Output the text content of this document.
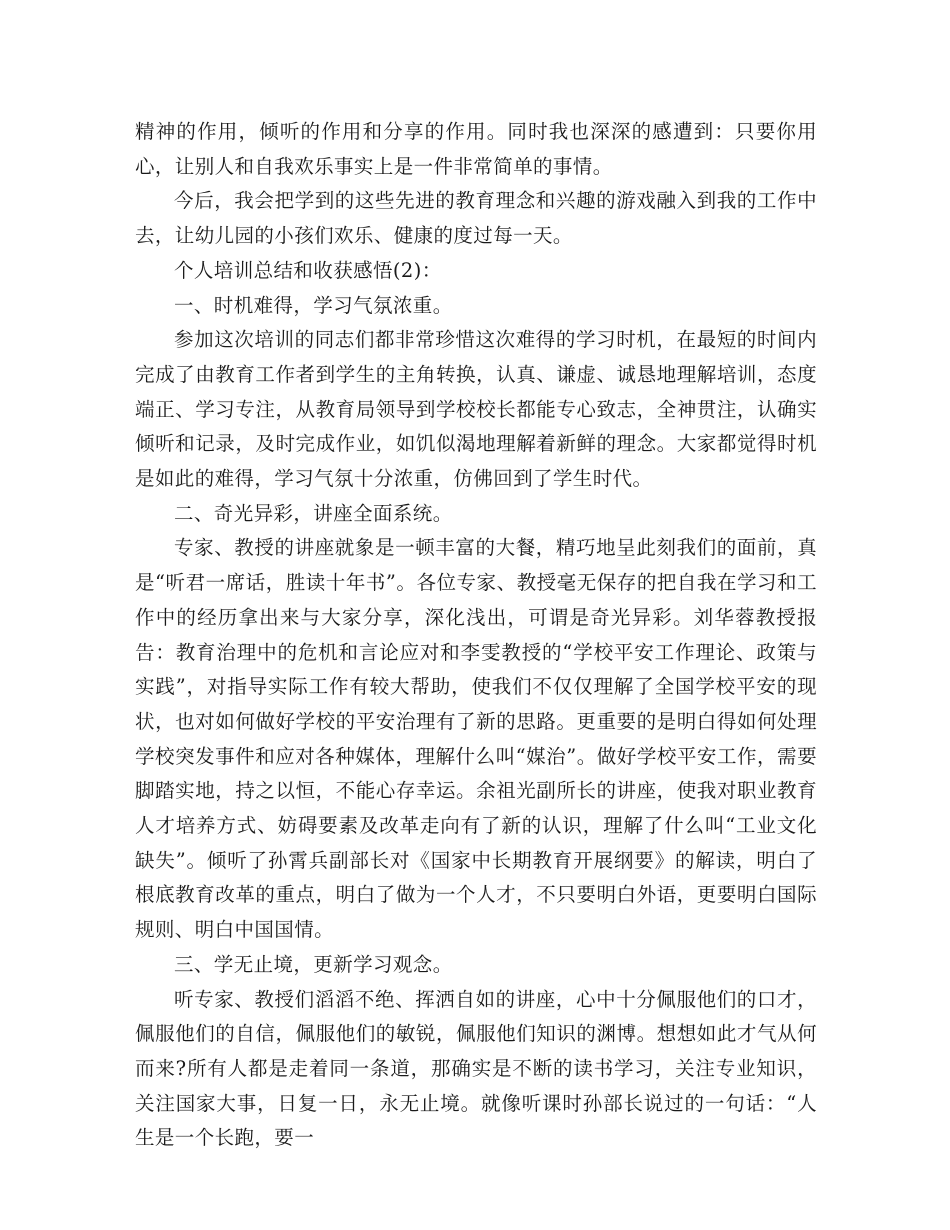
精神的作用，倾听的作用和分享的作用。同时我也深深的感遭到：只要你用心，让别人和自我欢乐事实上是一件非常简单的事情。

今后，我会把学到的这些先进的教育理念和兴趣的游戏融入到我的工作中去，让幼儿园的小孩们欢乐、健康的度过每一天。

个人培训总结和收获感悟(2)：

一、时机难得，学习气氛浓重。

参加这次培训的同志们都非常珍惜这次难得的学习时机，在最短的时间内完成了由教育工作者到学生的主角转换，认真、谦虚、诚恳地理解培训，态度端正、学习专注，从教育局领导到学校校长都能专心致志，全神贯注，认确实倾听和记录，及时完成作业，如饥似渴地理解着新鲜的理念。大家都觉得时机是如此的难得，学习气氛十分浓重，仿佛回到了学生时代。

二、奇光异彩，讲座全面系统。

专家、教授的讲座就象是一顿丰富的大餐，精巧地呈此刻我们的面前，真是“听君一席话，胜读十年书”。各位专家、教授毫无保存的把自我在学习和工作中的经历拿出来与大家分享，深化浅出，可谓是奇光异彩。刘华蓉教授报告：教育治理中的危机和言论应对和李雯教授的“学校平安工作理论、政策与实践”，对指导实际工作有较大帮助，使我们不仅仅理解了全国学校平安的现状，也对如何做好学校的平安治理有了新的思路。更重要的是明白得如何处理学校突发事件和应对各种媒体，理解什么叫“媒治”。做好学校平安工作，需要脚踏实地，持之以恒，不能心存幸运。余祖光副所长的讲座，使我对职业教育人才培养方式、妨碍要素及改革走向有了新的认识，理解了什么叫“工业文化缺失”。倾听了孙霄兵副部长对《国家中长期教育开展纲要》的解读，明白了根底教育改革的重点，明白了做为一个人才，不只要明白外语，更要明白国际规则、明白中国国情。

三、学无止境，更新学习观念。

听专家、教授们滔滔不绝、挥洒自如的讲座，心中十分佩服他们的口才，佩服他们的自信，佩服他们的敏锐，佩服他们知识的渊博。想想如此才气从何而来?所有人都是走着同一条道，那确实是不断的读书学习，关注专业知识，关注国家大事，日复一日，永无止境。就像听课时孙部长说过的一句话：“人生是一个长跑，要一
